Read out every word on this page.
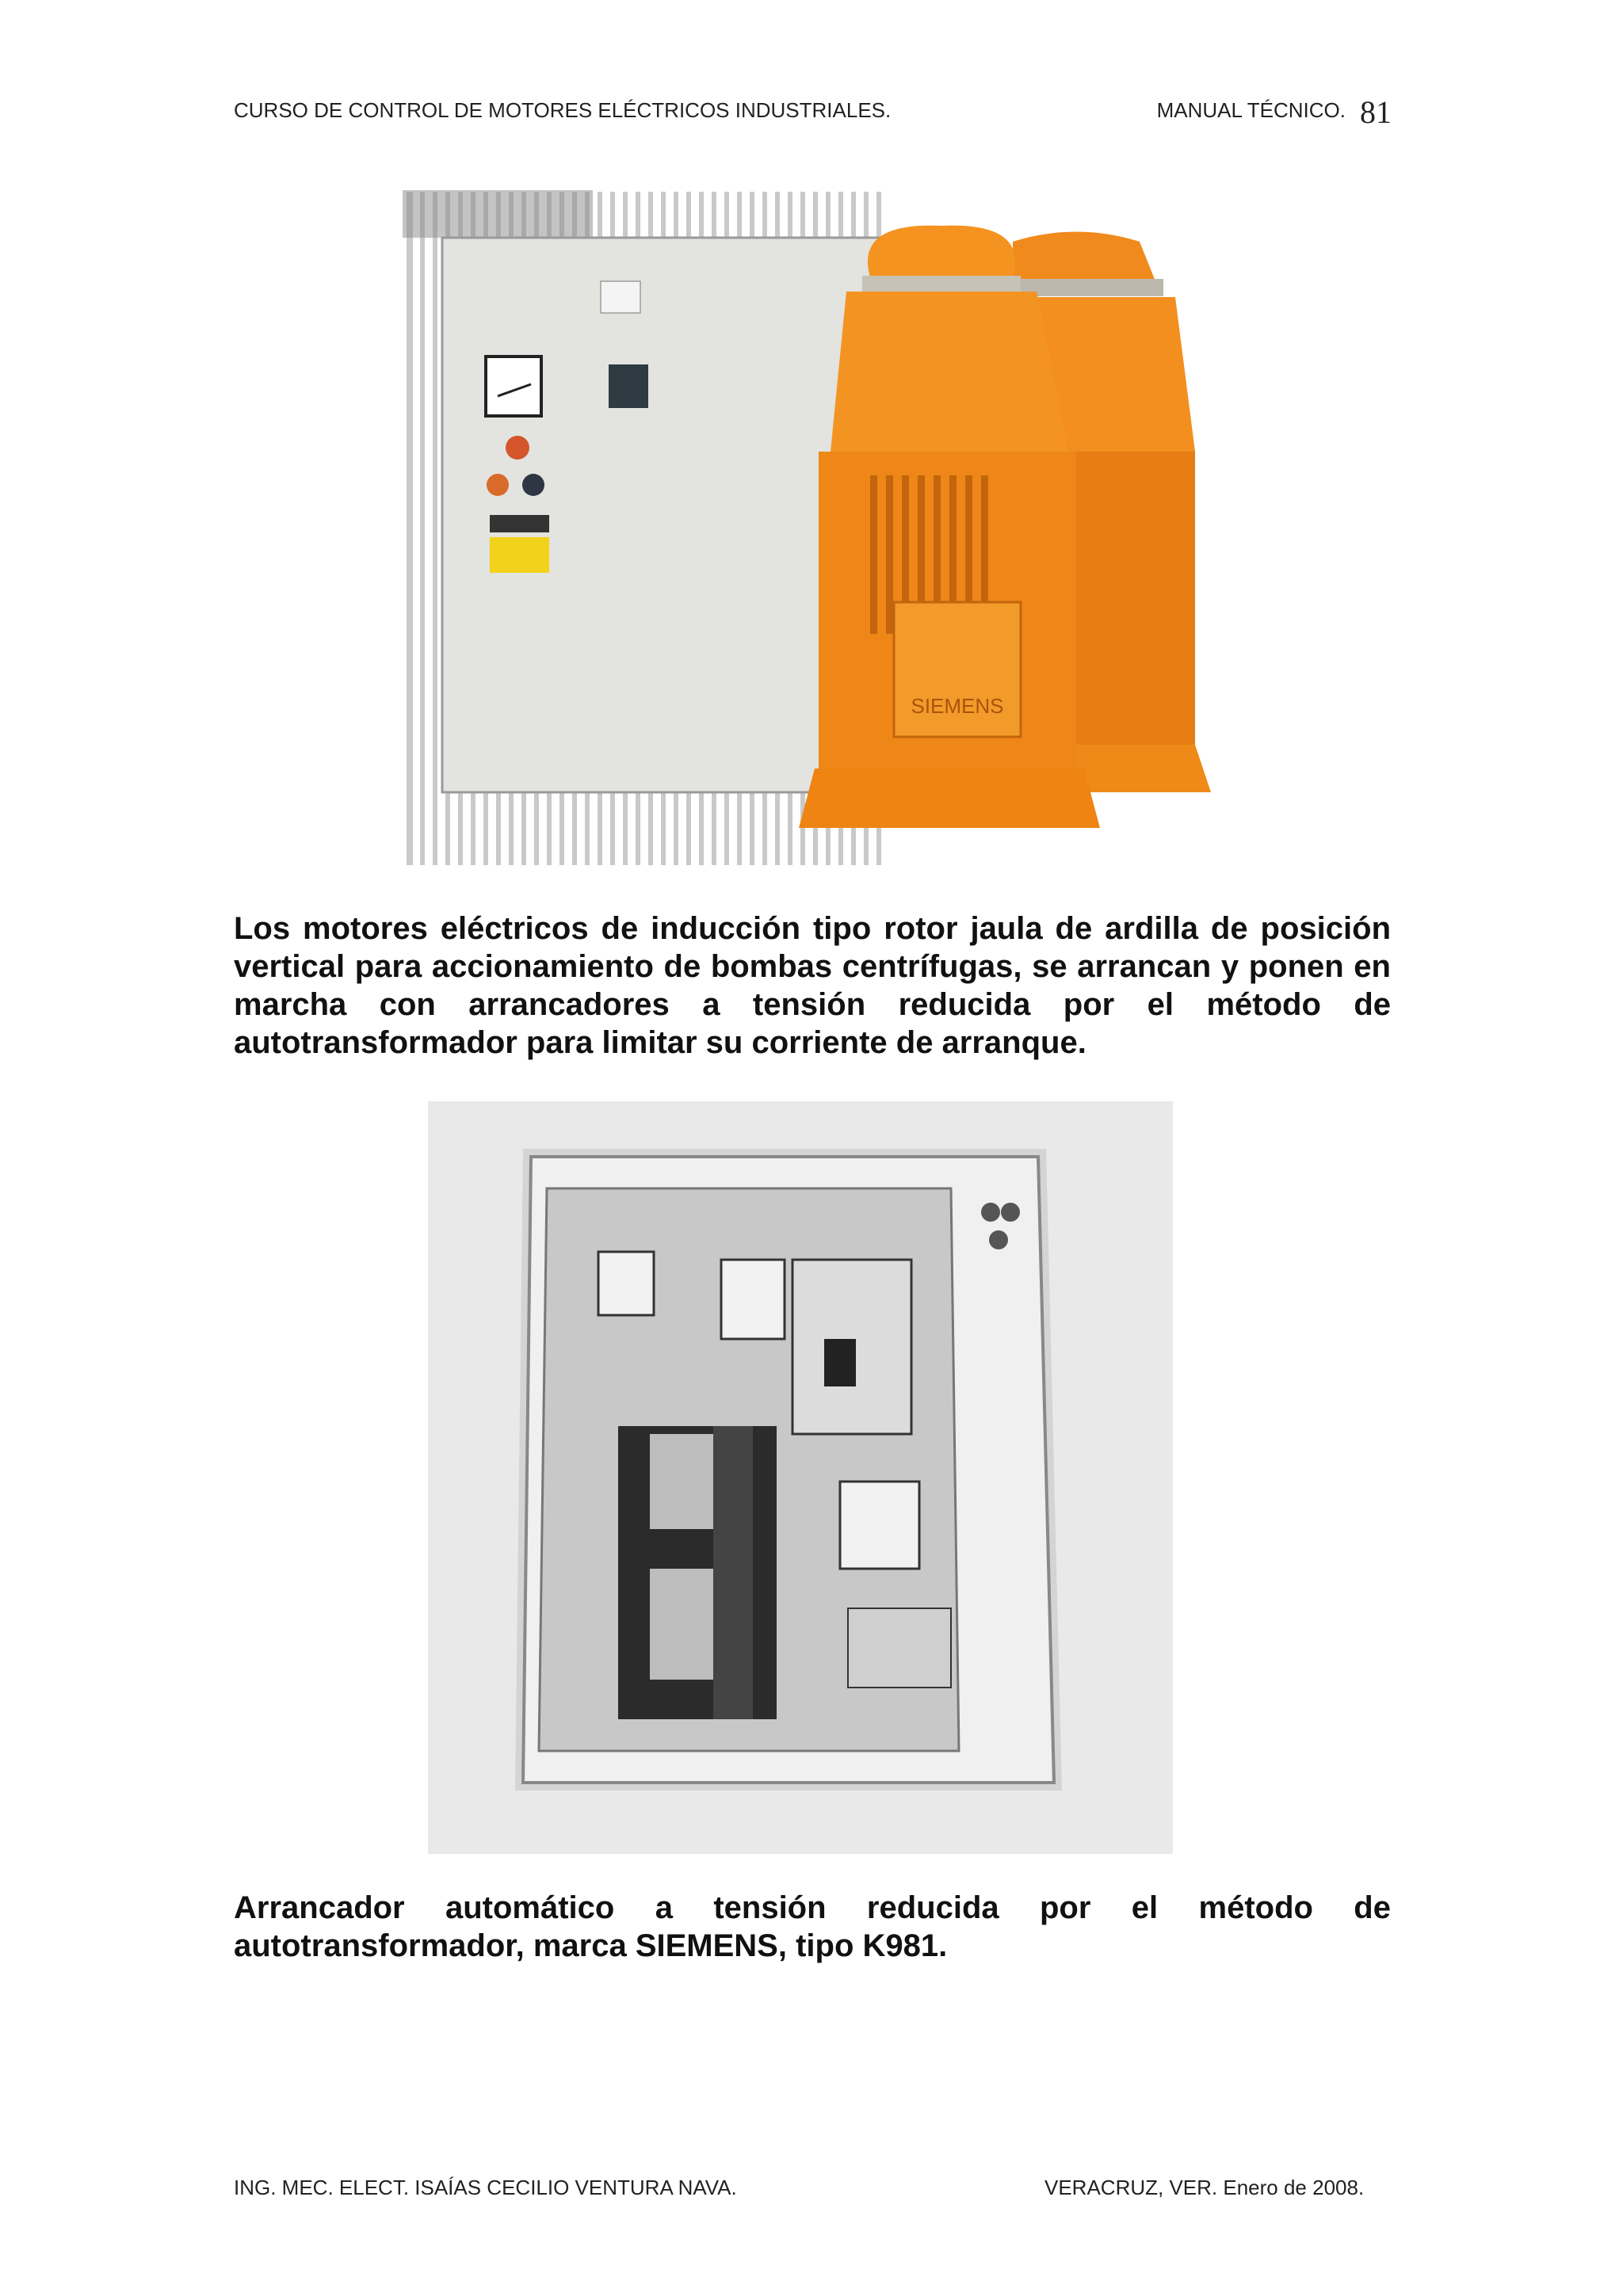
CURSO DE CONTROL DE MOTORES ELÉCTRICOS INDUSTRIALES.	MANUAL TÉCNICO. 81
SIEMENS

Los motores eléctricos de inducción tipo rotor jaula de ardilla de posición vertical para accionamiento de bombas centrífugas, se arrancan y ponen en marcha con arrancadores a tensión reducida por el método de autotransformador para limitar su corriente de arranque.

Arrancador automático a tensión reducida por el método de autotransformador, marca SIEMENS, tipo K981.

ING. MEC. ELECT. ISAÍAS CECILIO VENTURA NAVA.	VERACRUZ, VER. Enero de 2008.
